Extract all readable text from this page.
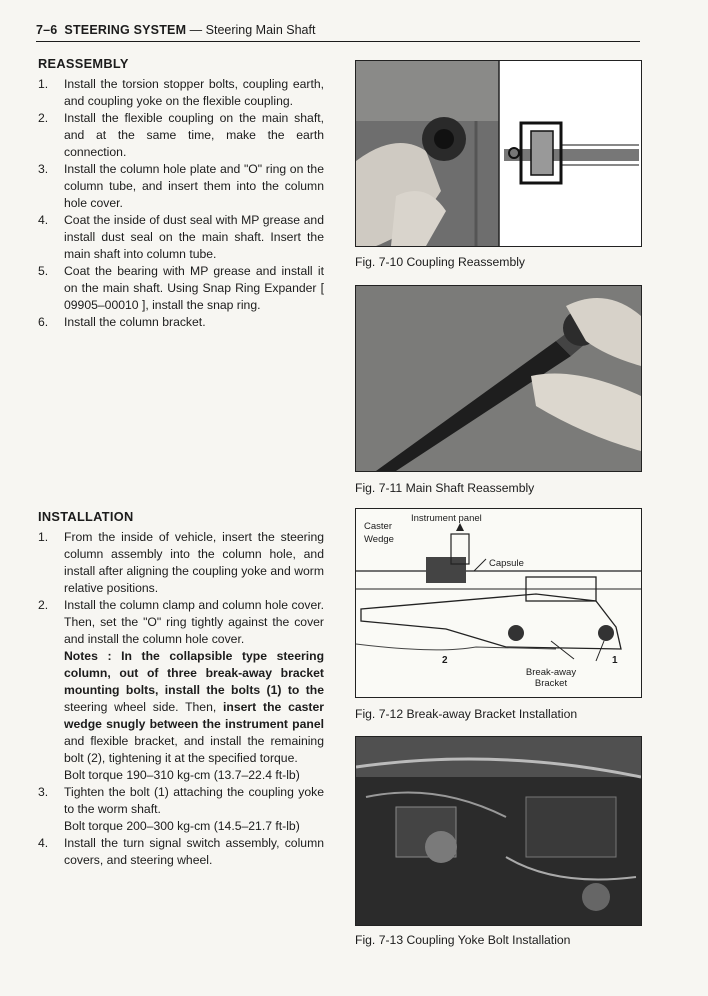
7–6 STEERING SYSTEM — Steering Main Shaft
REASSEMBLY
1. Install the torsion stopper bolts, coupling earth, and coupling yoke on the flexible coupling.
2. Install the flexible coupling on the main shaft, and at the same time, make the earth connection.
3. Install the column hole plate and "O" ring on the column tube, and insert them into the column hole cover.
4. Coat the inside of dust seal with MP grease and install dust seal on the main shaft. Insert the main shaft into column tube.
5. Coat the bearing with MP grease and install it on the main shaft. Using Snap Ring Expander [ 09905–00010 ], install the snap ring.
6. Install the column bracket.
INSTALLATION
1. From the inside of vehicle, insert the steering column assembly into the column hole, and install after aligning the coupling yoke and worm relative positions.
2. Install the column clamp and column hole cover. Then, set the "O" ring tightly against the cover and install the column hole cover.
Notes : In the collapsible type steering column, out of three break-away bracket mounting bolts, install the bolts (1) to the steering wheel side. Then, insert the caster wedge snugly between the instrument panel and flexible bracket, and install the remaining bolt (2), tightening it at the specified torque.
Bolt torque 190–310 kg-cm (13.7–22.4 ft-lb)
3. Tighten the bolt (1) attaching the coupling yoke to the worm shaft.
Bolt torque 200–300 kg-cm (14.5–21.7 ft-lb)
4. Install the turn signal switch assembly, column covers, and steering wheel.
Fig. 7-10 Coupling Reassembly
Fig. 7-11 Main Shaft Reassembly
Instrument panel
Caster
Wedge
Capsule
2	1
Break-away
Bracket
Fig. 7-12 Break-away Bracket Installation
Fig. 7-13 Coupling Yoke Bolt Installation
